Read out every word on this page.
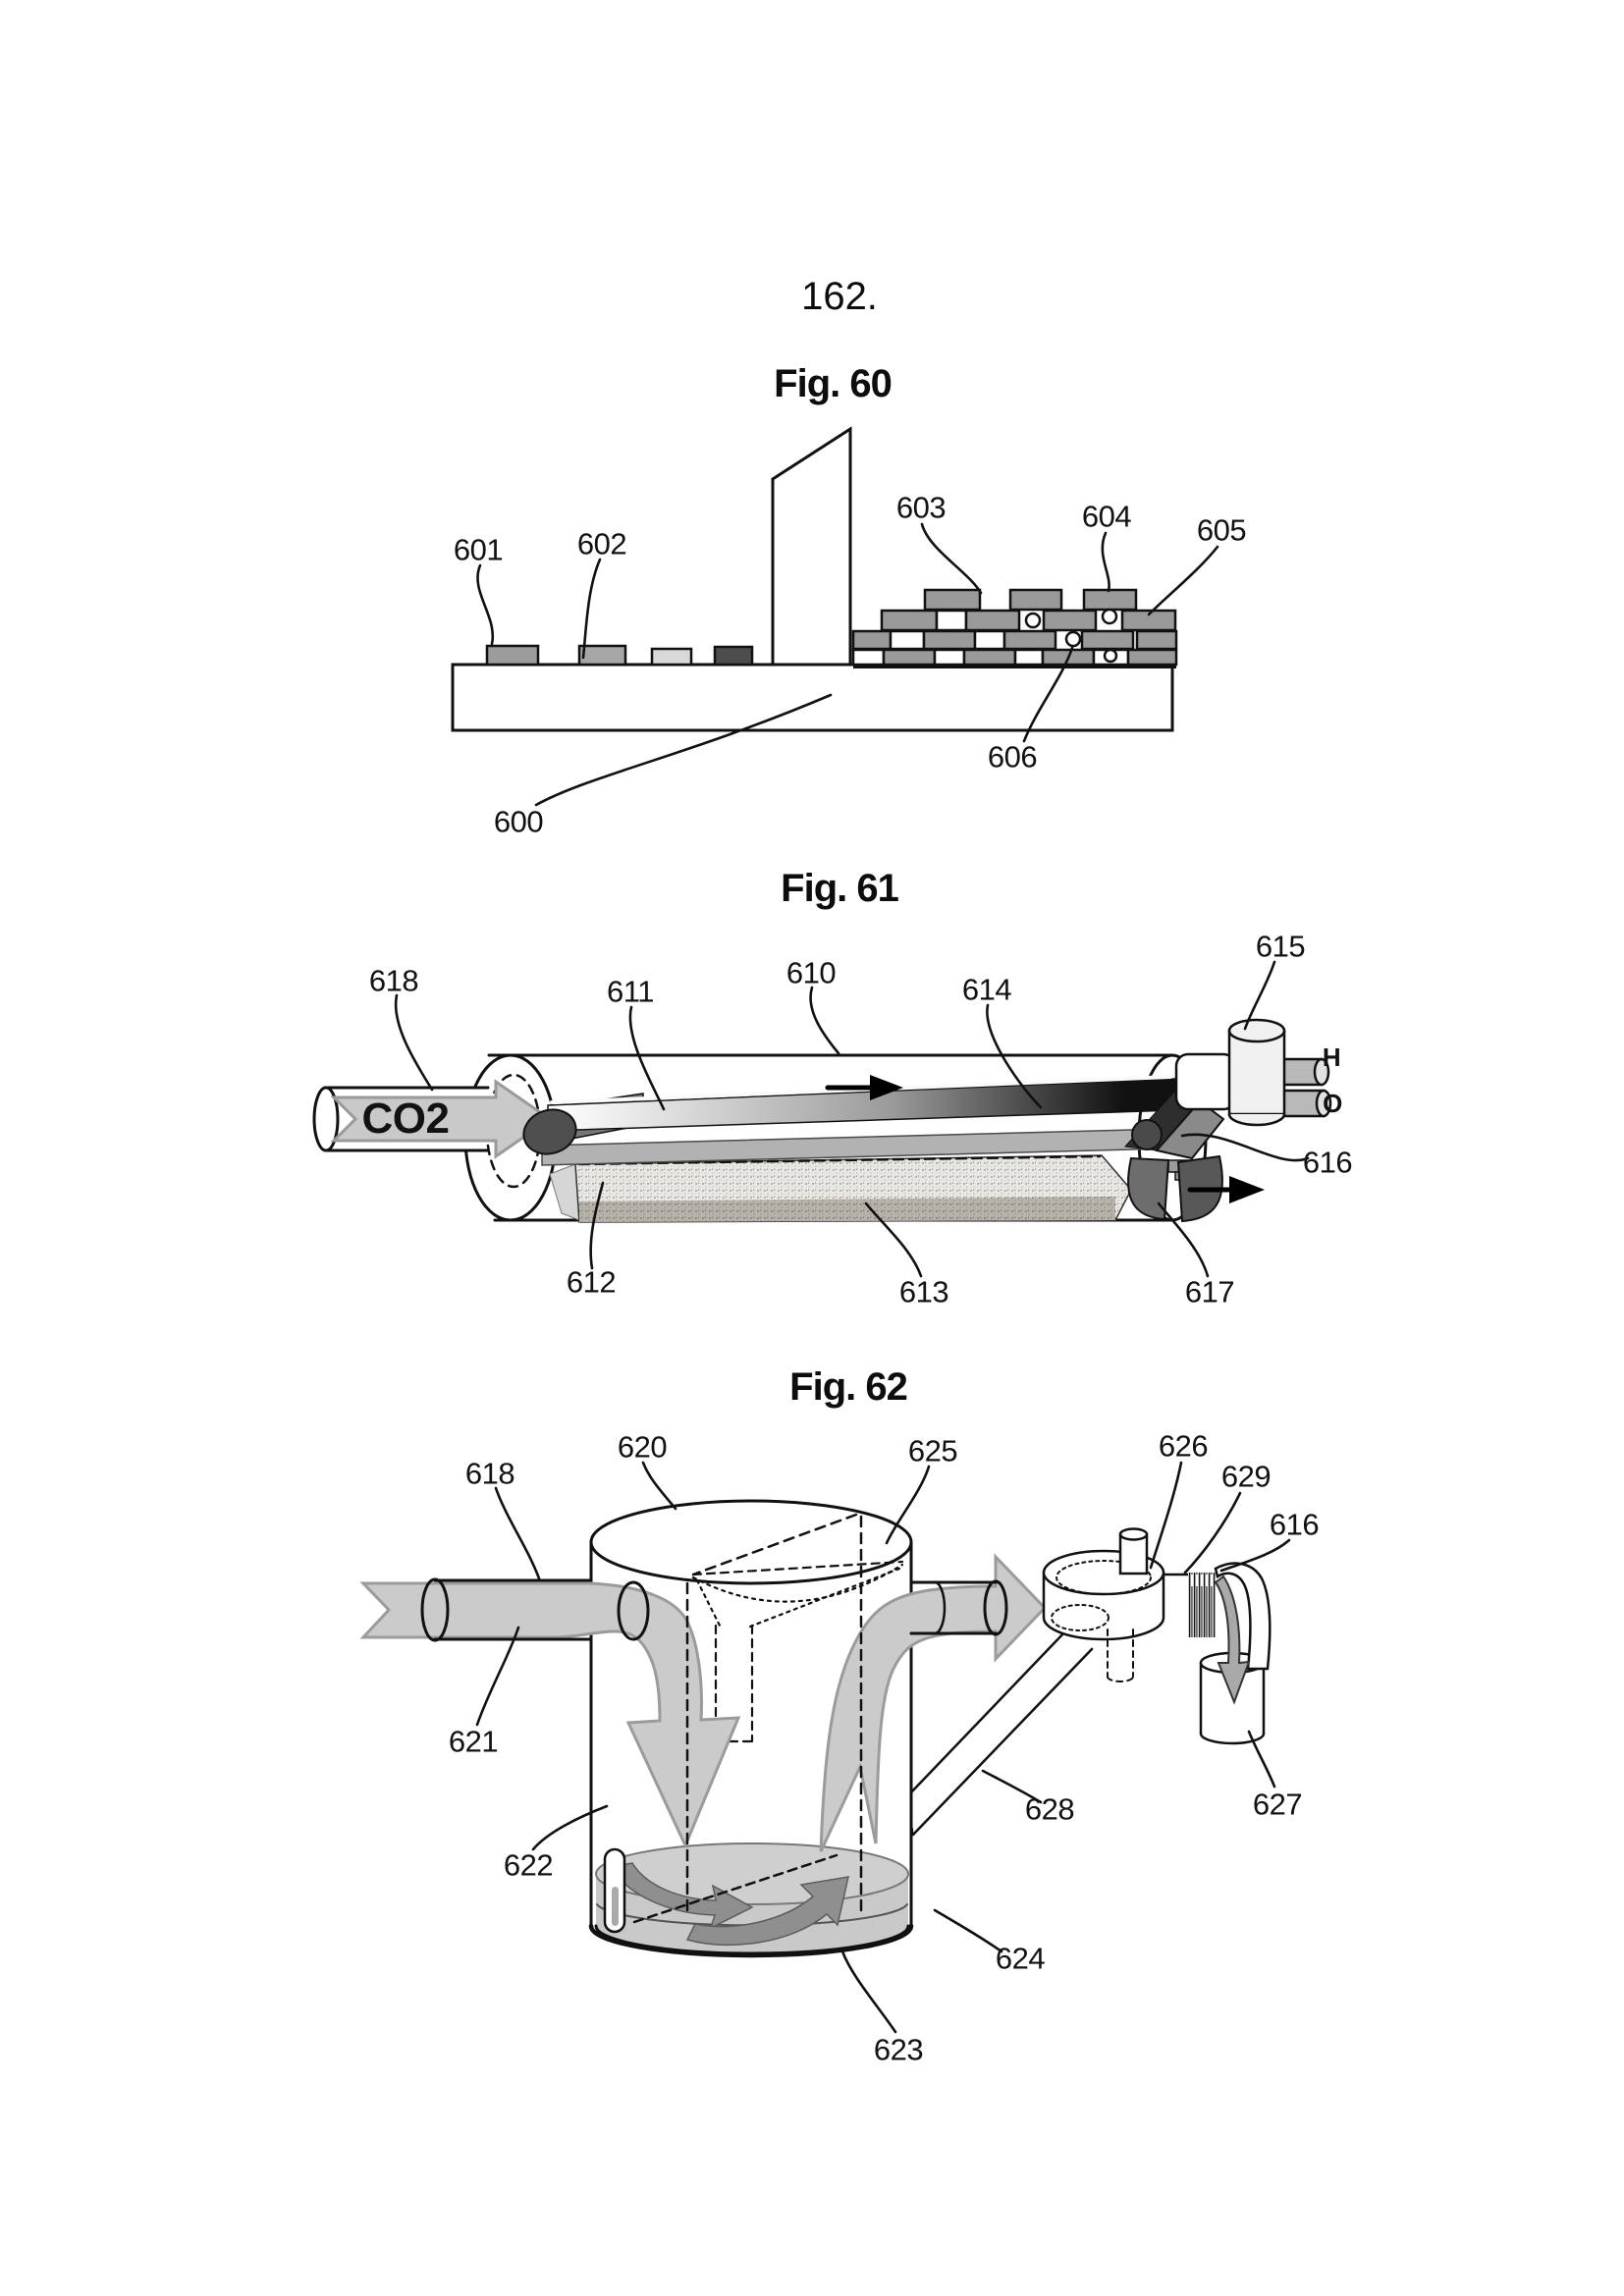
162.
Fig. 60
Fig. 61
Fig. 62
601 602
603	604 605
606
600
618	611
610	614
615
616
617
613
612
CO2
H
O
618
620	625	626
629
616
621
622
623
624
627
628
